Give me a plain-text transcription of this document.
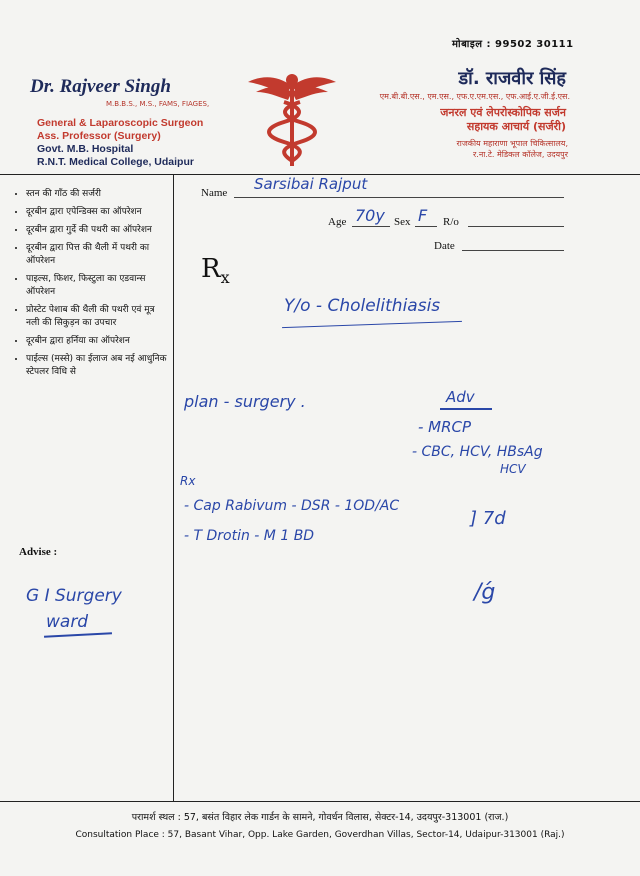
मोबाइल : 99502 30111
Dr. Rajveer Singh
M.B.B.S., M.S., FAMS, FIAGES,
General & Laparoscopic Surgeon
Ass. Professor (Surgery)
Govt. M.B. Hospital
R.N.T. Medical College, Udaipur
डॉ. राजवीर सिंह
एम.बी.बी.एस., एम.एस., एफ.ए.एम.एस., एफ.आई.ए.जी.ई.एस.
जनरल एवं लेपरोस्कोपिक सर्जन
सहायक आचार्य (सर्जरी)
राजकीय महाराणा भूपाल चिकित्सालय,
र.ना.टे. मेडिकल कॉलेज, उदयपुर
• स्तन की गाँठ की सर्जरी
• दूरबीन द्वारा एपेन्डिक्स का ऑपरेशन
• दूरबीन द्वारा गुर्दे की पथरी का ऑपरेशन
• दूरबीन द्वारा पित्त की थैली में पथरी का ऑपरेशन
• पाइल्स, फिशर, फिस्टुला का एडवान्स ऑपरेशन
• प्रोस्टेट पेशाब की थैली की पथरी एवं मूत्र नली की सिकुड़न का उपचार
• दूरबीन द्वारा हर्निया का ऑपरेशन
• पाईल्स (मस्से) का ईलाज अब नई आधुनिक स्टेपलर विधि से
Advise :
G I Surgery
ward
Name Sarsibai Rajput
Age 70y Sex F R/o
Date
$R_x$
Y/o - Cholelithiasis
plan - surgery .	Adv
- MRCP
- CBC, HCV, HBsAg
HCV
Rx
- Cap Rabivum - DSR - 1OD/AC
- T Drotin - M 1 BD
] 7d
/ǵ
परामर्श स्थल : 57, बसंत विहार लेक गार्डन के सामने, गोवर्धन विलास, सेक्टर-14, उदयपुर-313001 (राज.)
Consultation Place : 57, Basant Vihar, Opp. Lake Garden, Goverdhan Villas, Sector-14, Udaipur-313001 (Raj.)
